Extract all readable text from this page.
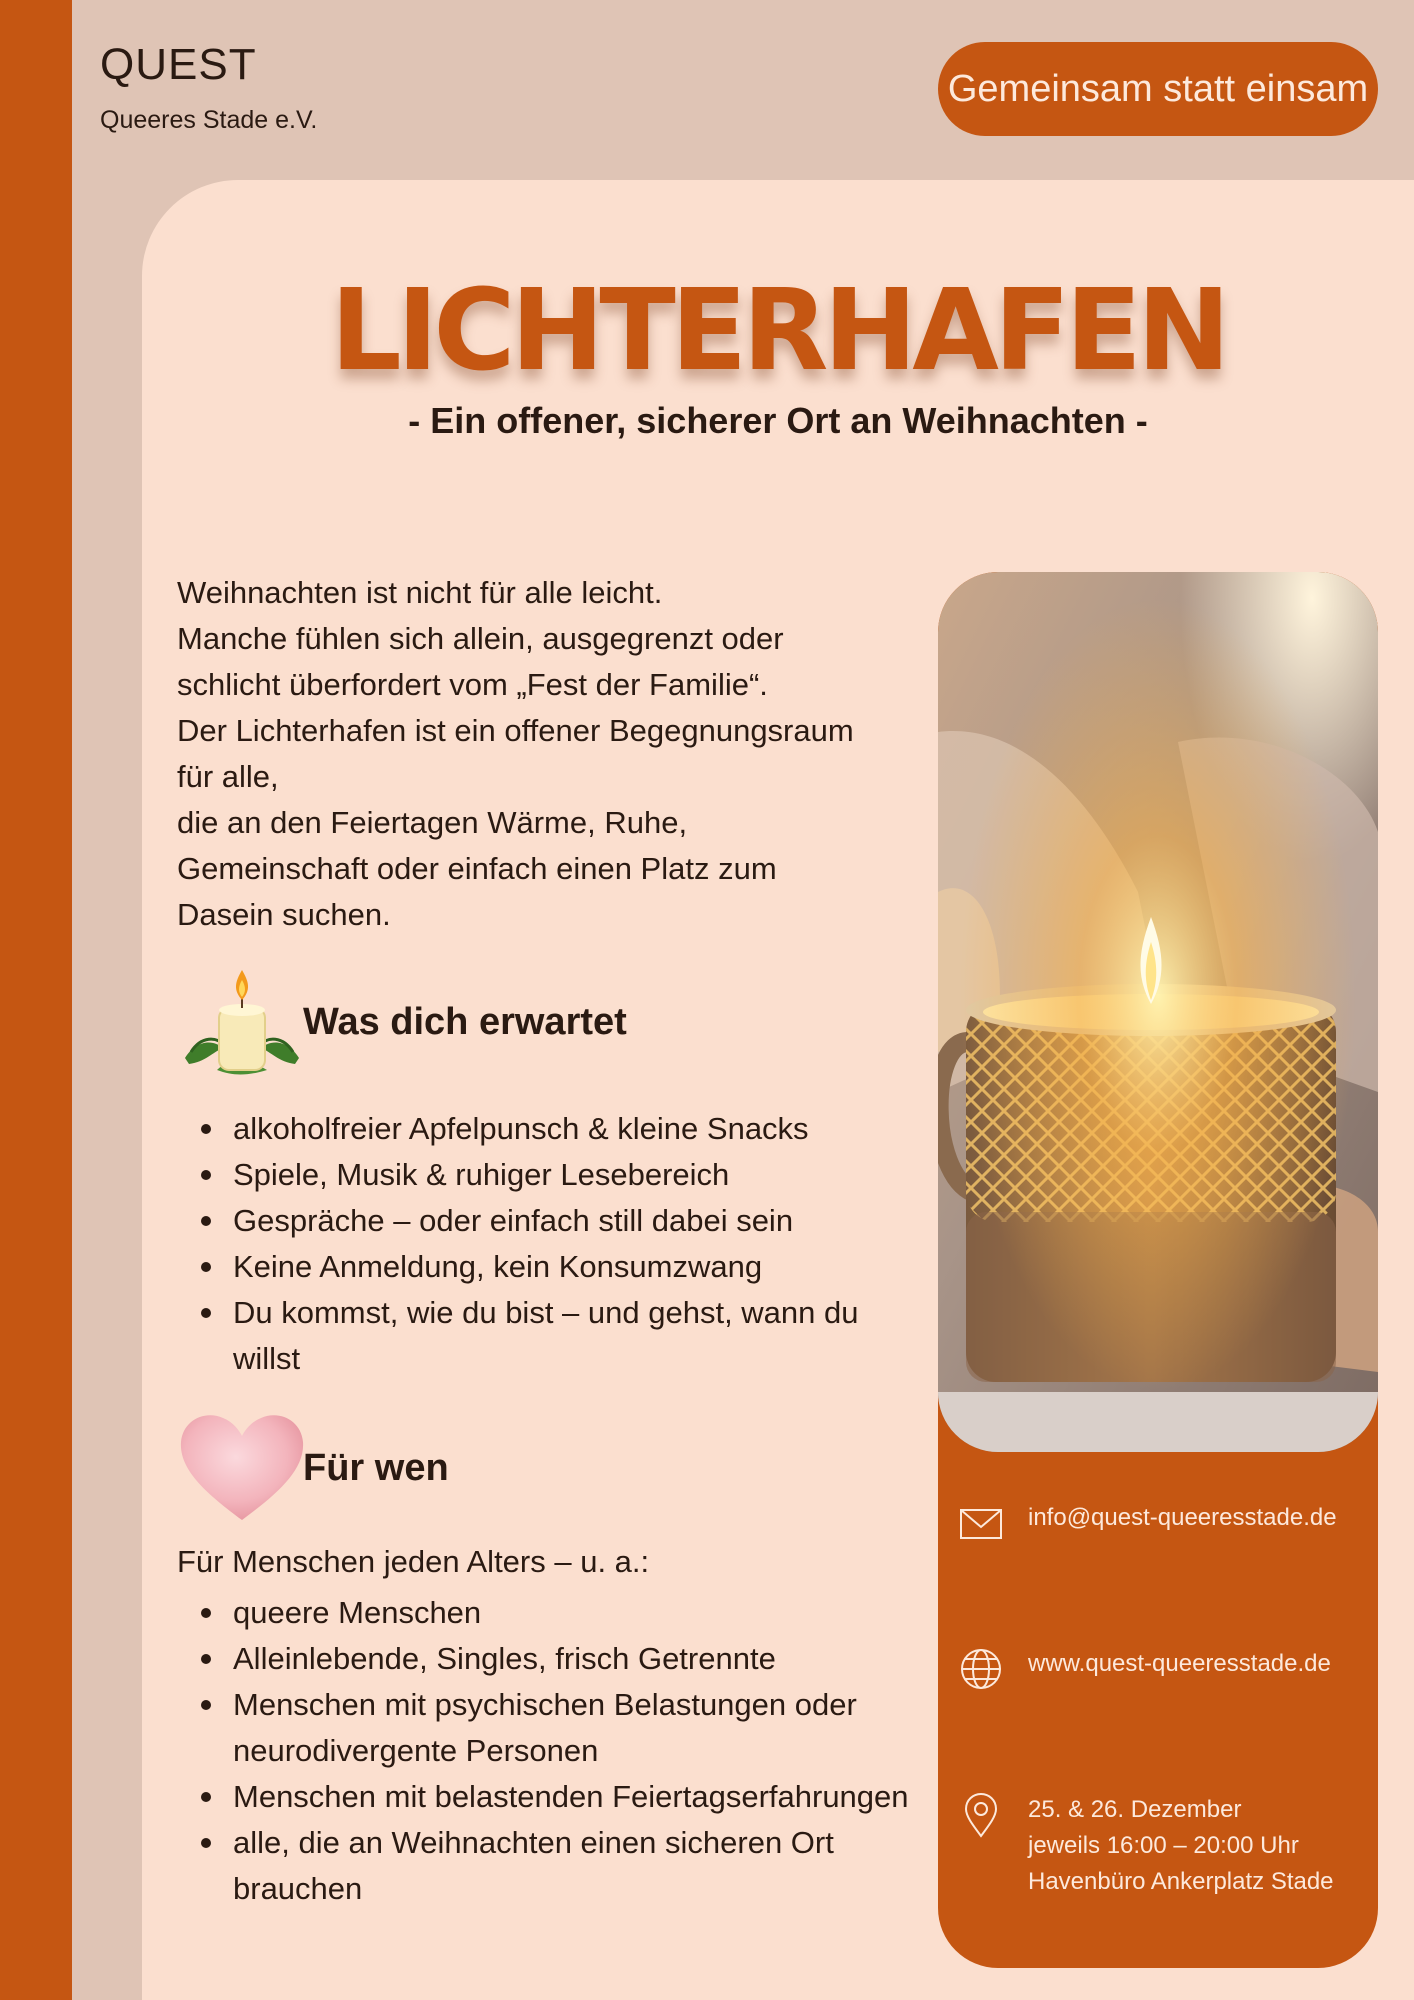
QUEST
Queeres Stade e.V.
Gemeinsam statt einsam
LICHTERHAFEN
- Ein offener, sicherer Ort an Weihnachten -
Weihnachten ist nicht für alle leicht.
Manche fühlen sich allein, ausgegrenzt oder
schlicht überfordert vom „Fest der Familie“.
Der Lichterhafen ist ein offener Begegnungsraum
für alle,
die an den Feiertagen Wärme, Ruhe,
Gemeinschaft oder einfach einen Platz zum
Dasein suchen.
Was dich erwartet
alkoholfreier Apfelpunsch & kleine Snacks
Spiele, Musik & ruhiger Lesebereich
Gespräche – oder einfach still dabei sein
Keine Anmeldung, kein Konsumzwang
Du kommst, wie du bist – und gehst, wann du willst
Für wen
Für Menschen jeden Alters – u. a.:
queere Menschen
Alleinlebende, Singles, frisch Getrennte
Menschen mit psychischen Belastungen oder neurodivergente Personen
Menschen mit belastenden Feiertagserfahrungen
alle, die an Weihnachten einen sicheren Ort brauchen
info@quest-queeresstade.de
www.quest-queeresstade.de
25. & 26. Dezember
jeweils 16:00 – 20:00 Uhr
Havenbüro Ankerplatz Stade
